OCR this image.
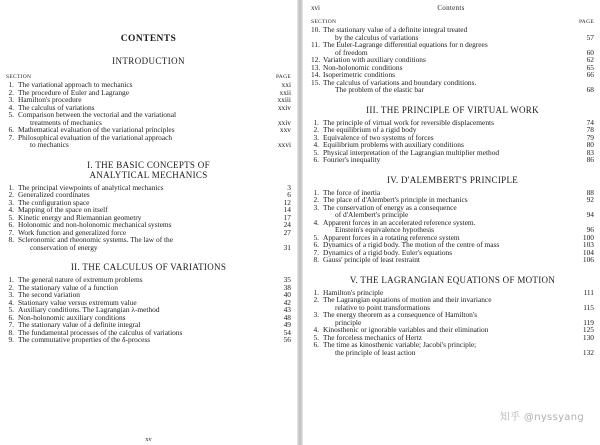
CONTENTS
INTRODUCTION
SECTION	PAGE
1. The variational approach to mechanics	xxi
2. The procedure of Euler and Lagrange	xxii
3. Hamilton's procedure	xxiii
4. The calculus of variations	xxiv
5. Comparison between the vectorial and the variational
treatments of mechanics	xxiv
6. Mathematical evaluation of the variational principles	xxv
7. Philosophical evaluation of the variational approach
to mechanics	xxvi
I. THE BASIC CONCEPTS OF
ANALYTICAL MECHANICS
1. The principal viewpoints of analytical mechanics	3
2. Generalized coordinates	6
3. The configuration space	12
4. Mapping of the space on itself	14
5. Kinetic energy and Riemannian geometry	17
6. Holonomic and non-holonomic mechanical systems	24
7. Work function and generalized force	27
8. Scleronomic and rheonomic systems. The law of the
conservation of energy	31
II. THE CALCULUS OF VARIATIONS
1. The general nature of extremum problems	35
2. The stationary value of a function	38
3. The second variation	40
4. Stationary value versus extremum value	42
5. Auxiliary conditions. The Lagrangian λ-method	43
6. Non-holonomic auxiliary conditions	48
7. The stationary value of a definite integral	49
8. The fundamental processes of the calculus of variations	54
9. The commutative properties of the δ-process	56
xv
xvi	Contents
SECTION	PAGE
10. The stationary value of a definite integral treated
by the calculus of variations	57
11. The Euler-Lagrange differential equations for n degrees
of freedom	60
12. Variation with auxiliary conditions	62
13. Non-holonomic conditions	65
14. Isoperimetric conditions	66
15. The calculus of variations and boundary conditions.
The problem of the elastic bar	68
III. THE PRINCIPLE OF VIRTUAL WORK
1. The principle of virtual work for reversible displacements	74
2. The equilibrium of a rigid body	78
3. Equivalence of two systems of forces	79
4. Equilibrium problems with auxiliary conditions	80
5. Physical interpretation of the Lagrangian multiplier method	83
6. Fourier's inequality	86
IV. D'ALEMBERT'S PRINCIPLE
1. The force of inertia	88
2. The place of d'Alembert's principle in mechanics	92
3. The conservation of energy as a consequence
of d'Alembert's principle	94
4. Apparent forces in an accelerated reference system.
Einstein's equivalence hypothesis	96
5. Apparent forces in a rotating reference system	100
6. Dynamics of a rigid body. The motion of the centre of mass	103
7. Dynamics of a rigid body. Euler's equations	104
8. Gauss' principle of least restraint	106
V. THE LAGRANGIAN EQUATIONS OF MOTION
1. Hamilton's principle	111
2. The Lagrangian equations of motion and their invariance
relative to point transformations	115
3. The energy theorem as a consequence of Hamilton's
principle	119
4. Kinosthenic or ignorable variables and their elimination	125
5. The forceless mechanics of Hertz	130
6. The time as kinosthenic variable; Jacobi's principle;
the principle of least action	132
知乎 @nyssyang
